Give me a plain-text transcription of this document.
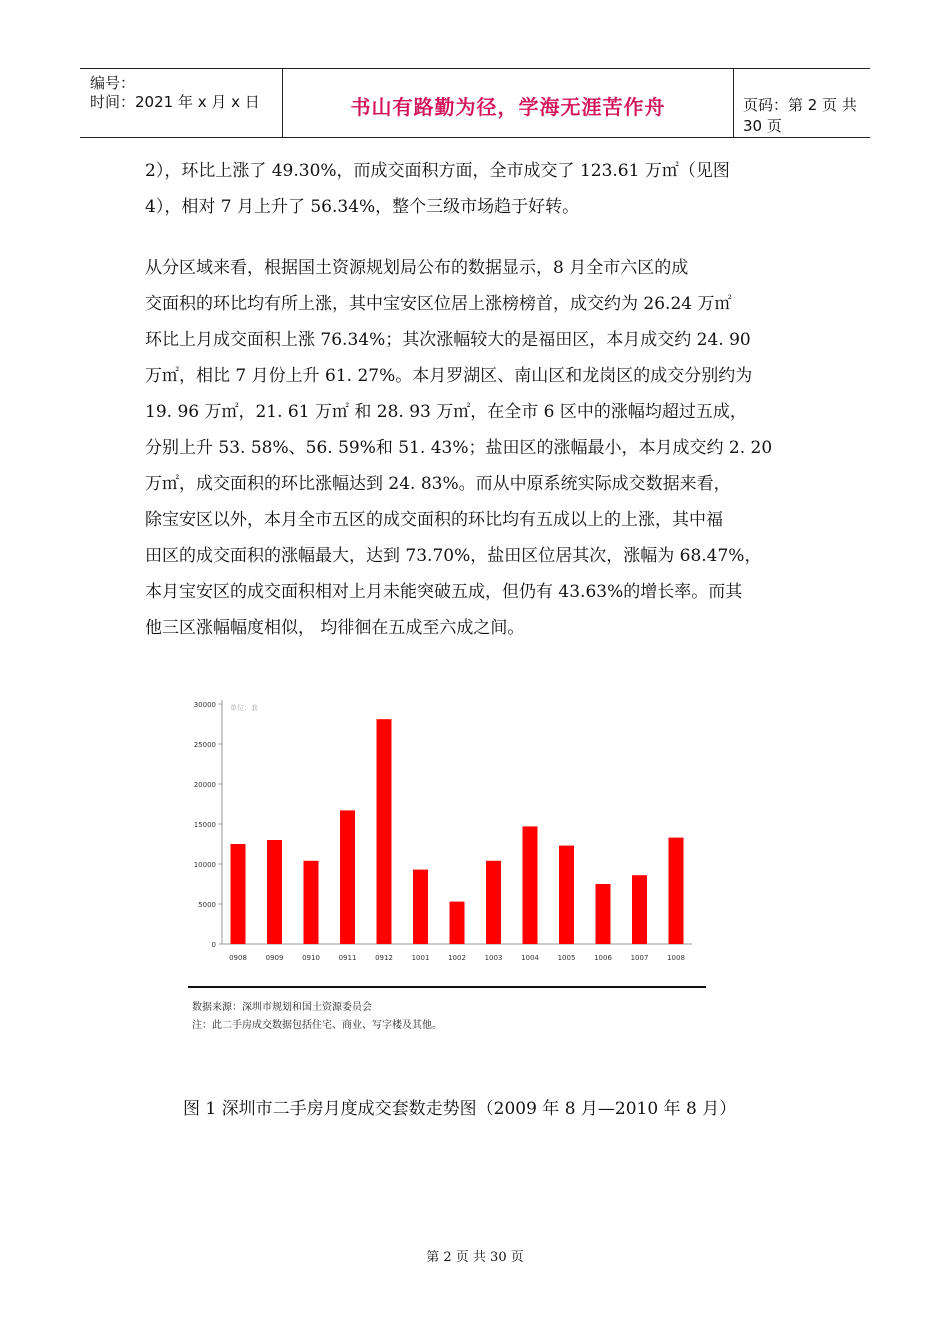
编号：
时间：2021 年 x 月 x 日	书山有路勤为径，学海无涯苦作舟	页码：第 2 页 共 30 页

2），环比上涨了 49.30%，而成交面积方面，全市成交了 123.61 万㎡（见图

4），相对 7 月上升了 56.34%，整个三级市场趋于好转。

从分区域来看，根据国土资源规划局公布的数据显示，8 月全市六区的成

交面积的环比均有所上涨，其中宝安区位居上涨榜榜首，成交约为 26.24 万㎡

环比上月成交面积上涨 76.34%；其次涨幅较大的是福田区，本月成交约 24. 90

万㎡，相比 7 月份上升 61. 27%。本月罗湖区、南山区和龙岗区的成交分别约为

19. 96 万㎡，21. 61 万㎡ 和 28. 93 万㎡，在全市 6 区中的涨幅均超过五成，

分别上升 53. 58%、56. 59%和 51. 43%；盐田区的涨幅最小，本月成交约 2. 20

万㎡，成交面积的环比涨幅达到 24. 83%。而从中原系统实际成交数据来看，

除宝安区以外，本月全市五区的成交面积的环比均有五成以上的上涨，其中福

田区的成交面积的涨幅最大，达到 73.70%，盐田区位居其次，涨幅为 68.47%，

本月宝安区的成交面积相对上月未能突破五成，但仍有 43.63%的增长率。而其

他三区涨幅幅度相似， 均徘徊在五成至六成之间。

0
5000
10000
15000
20000
25000
30000 单位：套
0908	0909	0910	0911	0912	1001	1002	1003	1004	1005	1006	1007	1008
数据来源：深圳市规划和国土资源委员会
注：此二手房成交数据包括住宅、商业、写字楼及其他。
图 1 深圳市二手房月度成交套数走势图（2009 年 8 月—2010 年 8 月）
第 2 页 共 30 页
